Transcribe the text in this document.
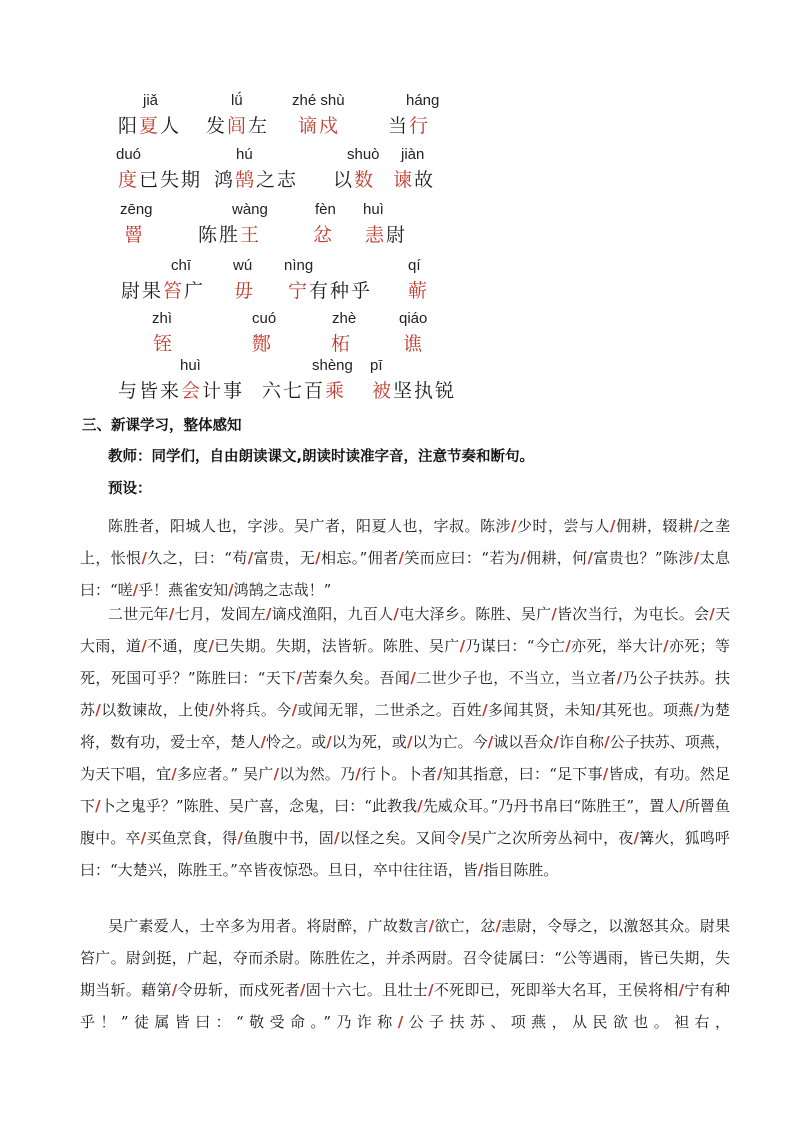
jiǎ
阳夏人
lǘ
发闾左
zhé shù
谪戍
háng
当行
duó
度已失期
hú
鸿鹄之志
shuò
以数
jiàn
谏故
zēng
罾
wàng
陈胜王
fèn
忿
huì
恚尉
chī
尉果笞广
wú
毋
nìng
宁有种乎
qí
蕲
zhì
铚
cuó
酂
zhè
柘
qiáo
谯
huì
与皆来会计事
shèng
六七百乘
pī
被坚执锐
三、新课学习，整体感知
教师：同学们，自由朗读课文,朗读时读准字音，注意节奏和断句。
预设：
陈胜者，阳城人也，字涉。吴广者，阳夏人也，字叔。陈涉/少时，尝与人/佣耕，辍耕/之垄上，怅恨/久之，曰：“苟/富贵，无/相忘。”佣者/笑而应曰：“若为/佣耕，何/富贵也？”陈涉/太息曰：“嗟/乎！燕雀安知/鸿鹄之志哉！”
二世元年/七月，发闾左/谪戍渔阳，九百人/屯大泽乡。陈胜、吴广/皆次当行，为屯长。会/天大雨，道/不通，度/已失期。失期，法皆斩。陈胜、吴广/乃谋曰：“今亡/亦死，举大计/亦死；等死，死国可乎？”陈胜曰：“天下/苦秦久矣。吾闻/二世少子也，不当立，当立者/乃公子扶苏。扶苏/以数谏故，上使/外将兵。今/或闻无罪，二世杀之。百姓/多闻其贤，未知/其死也。项燕/为楚将，数有功，爱士卒，楚人/怜之。或/以为死，或/以为亡。今/诚以吾众/诈自称/公子扶苏、项燕，为天下唱，宜/多应者。” 吴广/以为然。乃/行卜。卜者/知其指意，曰：“足下事/皆成，有功。然足下/卜之鬼乎？”陈胜、吴广喜，念鬼，曰：“此教我/先威众耳。”乃丹书帛曰“陈胜王”，置人/所罾鱼腹中。卒/买鱼烹食，得/鱼腹中书，固/以怪之矣。又间令/吴广之次所旁丛祠中，夜/篝火，狐鸣呼曰：“大楚兴，陈胜王。”卒皆夜惊恐。旦日，卒中往往语，皆/指目陈胜。
吴广素爱人，士卒多为用者。将尉醉，广故数言/欲亡，忿/恚尉，令辱之，以激怒其众。尉果笞广。尉剑挺，广起，夺而杀尉。陈胜佐之，并杀两尉。召令徒属曰：“公等遇雨，皆已失期，失期当斩。藉第/令毋斩，而戍死者/固十六七。且壮士/不死即已，死即举大名耳，王侯将相/宁有种乎！”徒属皆曰：“敬受命。”乃诈称/公子扶苏、项燕，从民欲也。袒右，
